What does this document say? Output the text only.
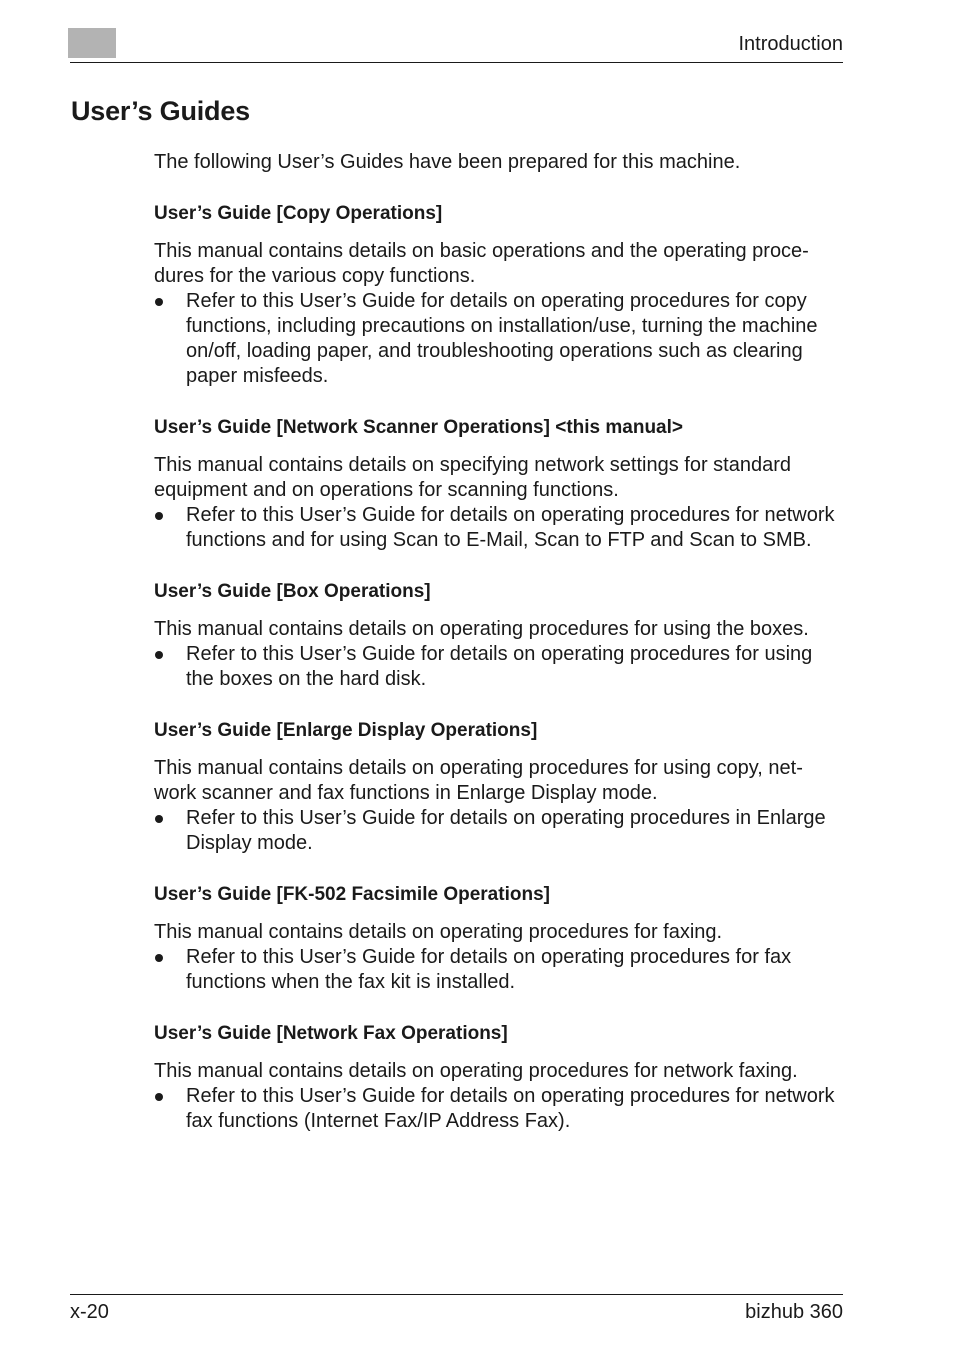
Introduction
User’s Guides

The following User’s Guides have been prepared for this machine.

User’s Guide [Copy Operations]

This manual contains details on basic operations and the operating proce-dures for the various copy functions.

Refer to this User’s Guide for details on operating procedures for copy functions, including precautions on installation/use, turning the machine on/off, loading paper, and troubleshooting operations such as clearing paper misfeeds.
User’s Guide [Network Scanner Operations] <this manual>

This manual contains details on specifying network settings for standard equipment and on operations for scanning functions.

Refer to this User’s Guide for details on operating procedures for network functions and for using Scan to E-Mail, Scan to FTP and Scan to SMB.
User’s Guide [Box Operations]

This manual contains details on operating procedures for using the boxes.

Refer to this User’s Guide for details on operating procedures for using the boxes on the hard disk.
User’s Guide [Enlarge Display Operations]

This manual contains details on operating procedures for using copy, net-work scanner and fax functions in Enlarge Display mode.

Refer to this User’s Guide for details on operating procedures in Enlarge Display mode.
User’s Guide [FK-502 Facsimile Operations]

This manual contains details on operating procedures for faxing.

Refer to this User’s Guide for details on operating procedures for fax functions when the fax kit is installed.
User’s Guide [Network Fax Operations]

This manual contains details on operating procedures for network faxing.

Refer to this User’s Guide for details on operating procedures for network fax functions (Internet Fax/IP Address Fax).
x-20	bizhub 360
